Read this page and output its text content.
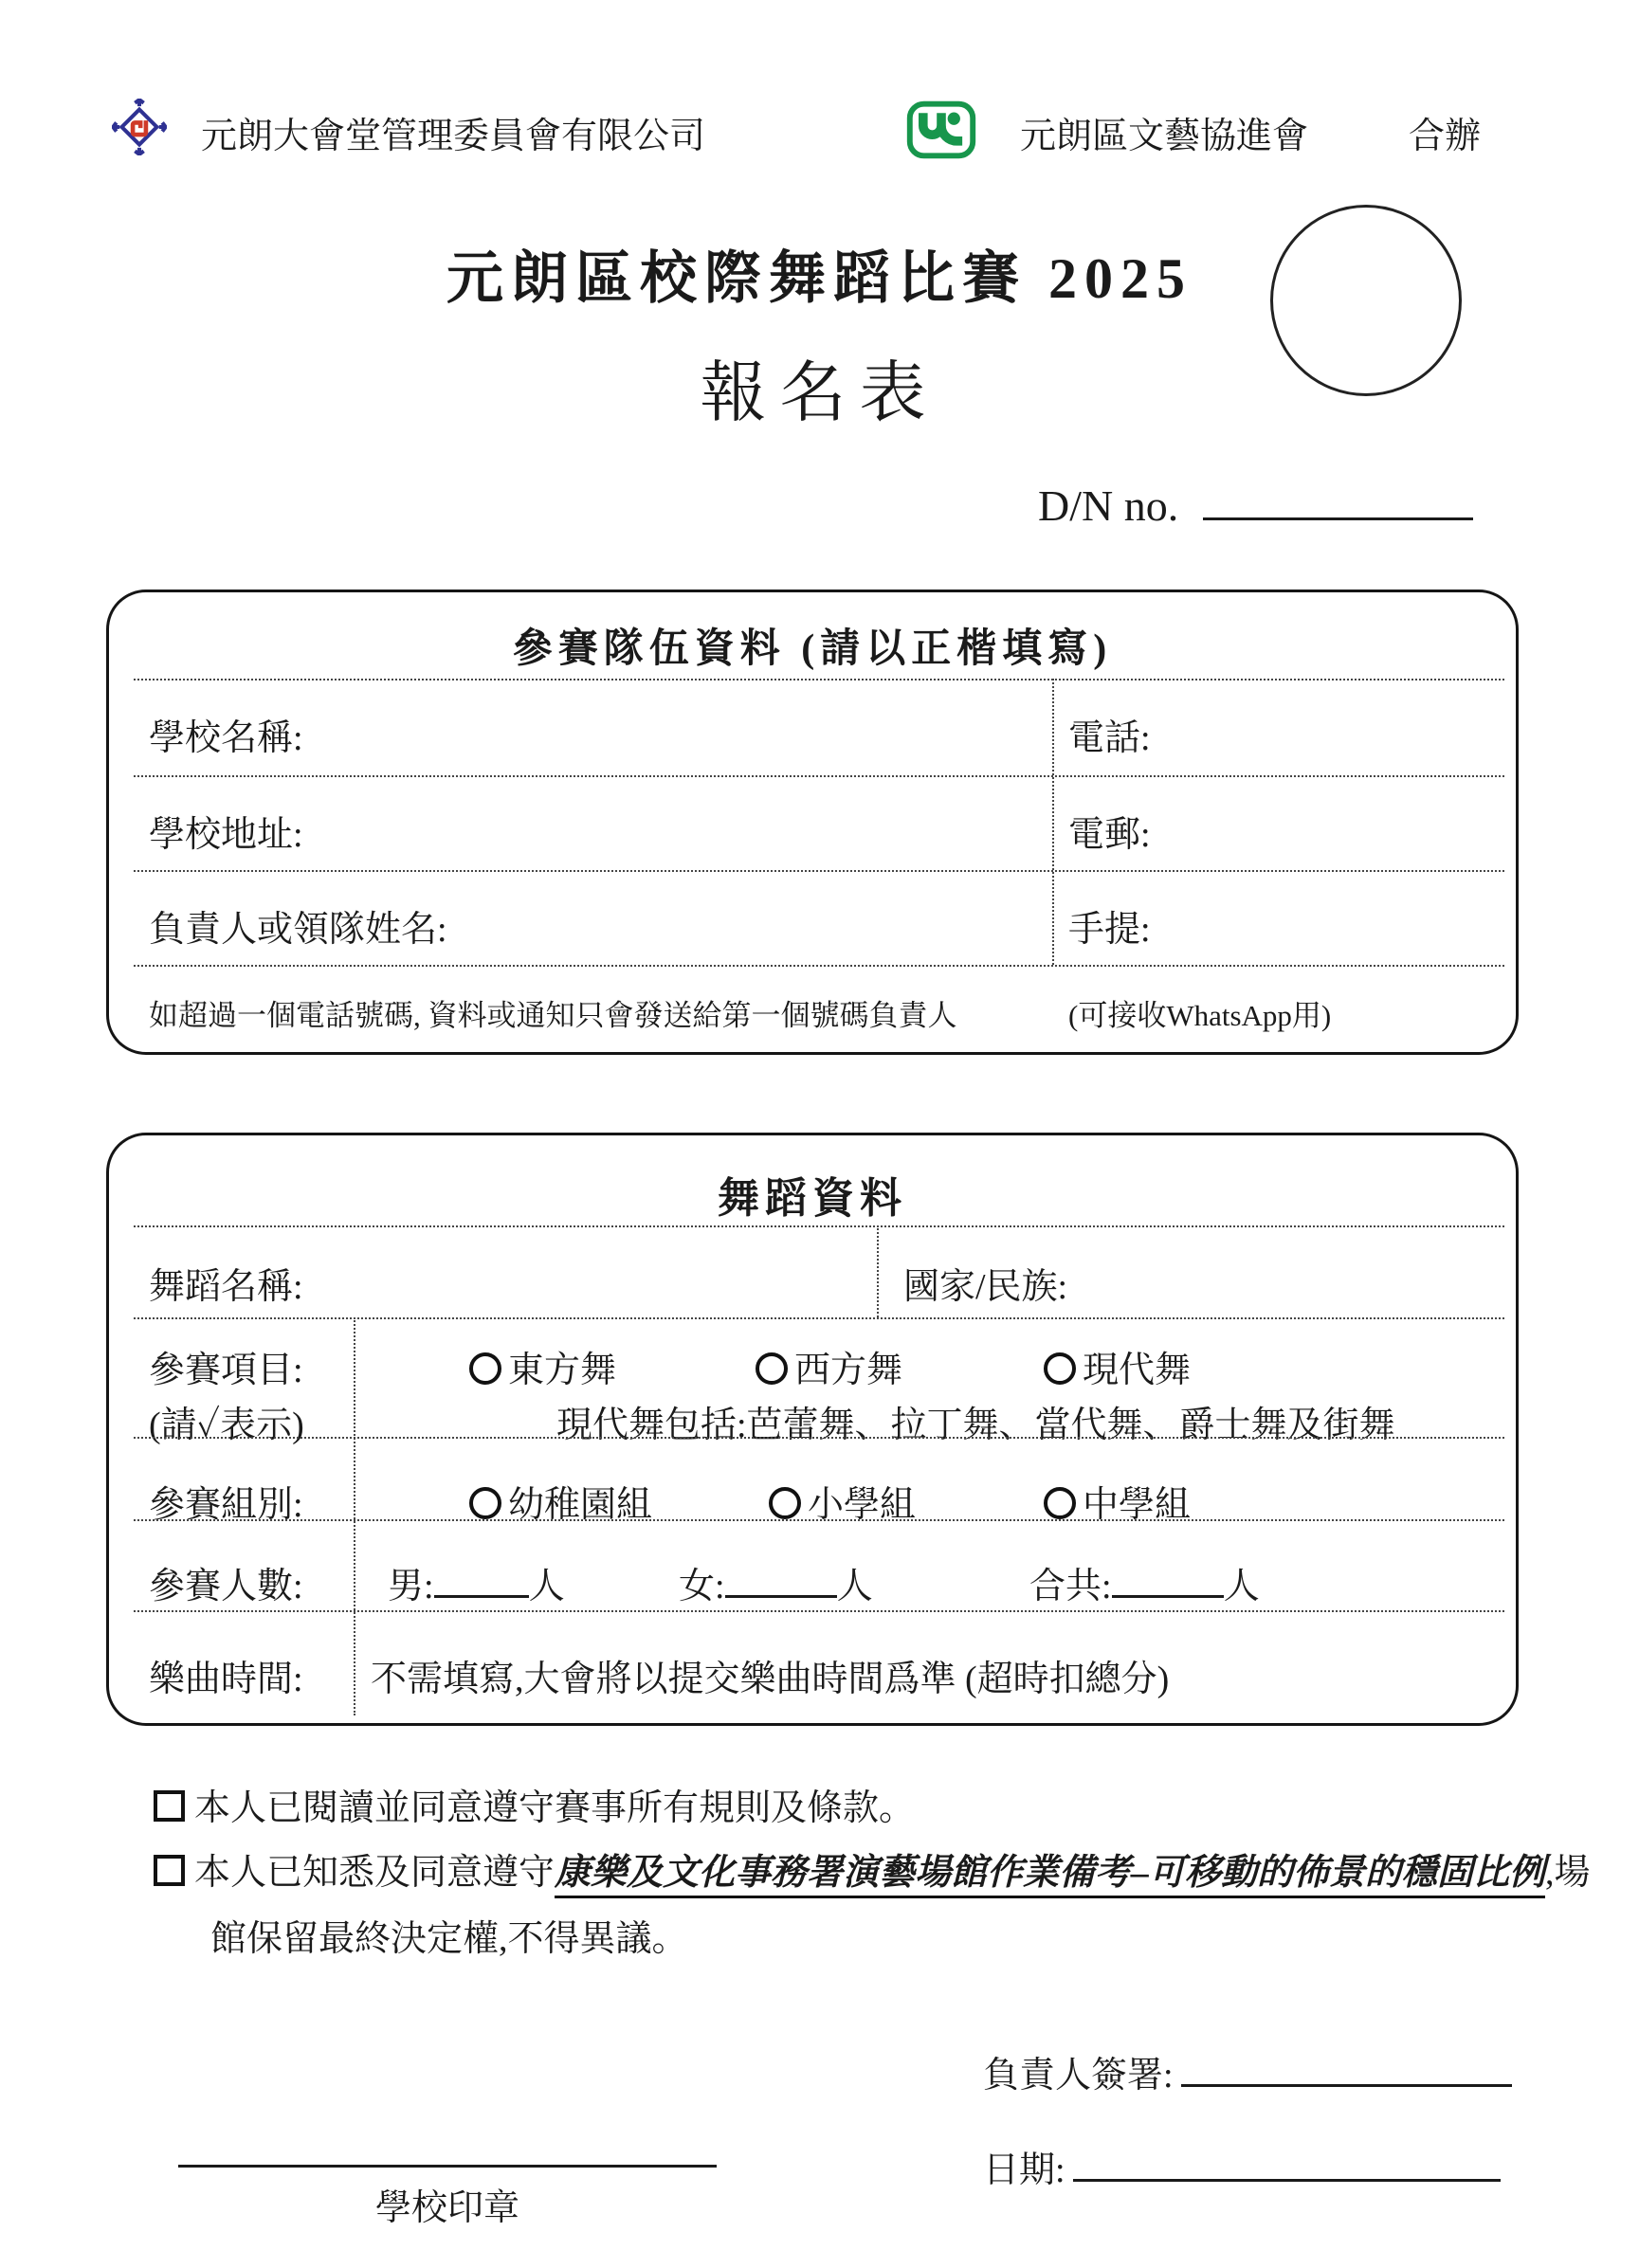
元朗大會堂管理委員會有限公司	元朗區文藝協進會	合辦
元朗區校際舞蹈比賽 2025
報名表
D/N no.
參賽隊伍資料 (請以正楷填寫)
學校名稱:	電話:
學校地址:	電郵:
負責人或領隊姓名:	手提:
如超過一個電話號碼, 資料或通知只會發送給第一個號碼負責人	(可接收WhatsApp用)
舞蹈資料
舞蹈名稱:	國家/民族:
參賽項目:	東方舞	西方舞	現代舞
(請✓表示)	現代舞包括:芭蕾舞、拉丁舞、當代舞、爵士舞及街舞
參賽組別:	幼稚園組	小學組	中學組
參賽人數: 男:	人	女:	人	合共:	人
樂曲時間: 不需填寫,大會將以提交樂曲時間爲準 (超時扣總分)
本人已閱讀並同意遵守賽事所有規則及條款。
本人已知悉及同意遵守康樂及文化事務署演藝場館作業備考–可移動的佈景的穩固比例,場
館保留最終決定權,不得異議。
負責人簽署:
日期:
學校印章
